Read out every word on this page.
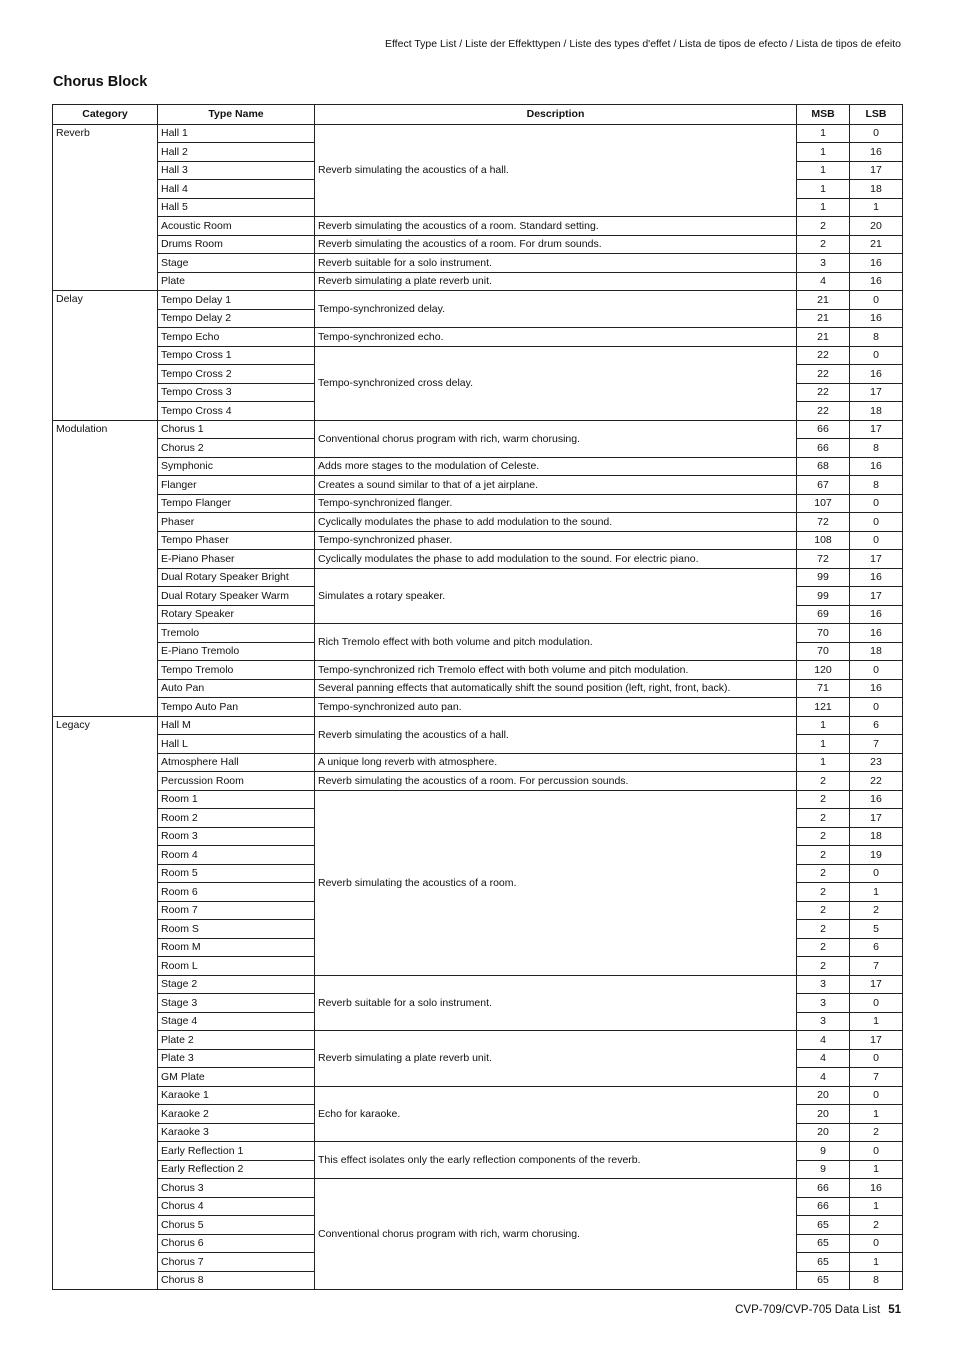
Effect Type List / Liste der Effekttypen / Liste des types d'effet / Lista de tipos de efecto / Lista de tipos de efeito
Chorus Block
Category	Type Name	Description	MSB	LSB
Reverb	Hall 1	Reverb simulating the acoustics of a hall.	1	0
	Hall 2		1	16
	Hall 3		1	17
	Hall 4		1	18
	Hall 5		1	1
	Acoustic Room	Reverb simulating the acoustics of a room. Standard setting.	2	20
	Drums Room	Reverb simulating the acoustics of a room. For drum sounds.	2	21
	Stage	Reverb suitable for a solo instrument.	3	16
	Plate	Reverb simulating a plate reverb unit.	4	16
Delay	Tempo Delay 1	Tempo-synchronized delay.	21	0
	Tempo Delay 2		21	16
	Tempo Echo	Tempo-synchronized echo.	21	8
	Tempo Cross 1	Tempo-synchronized cross delay.	22	0
	Tempo Cross 2		22	16
	Tempo Cross 3		22	17
	Tempo Cross 4		22	18
Modulation	Chorus 1	Conventional chorus program with rich, warm chorusing.	66	17
	Chorus 2		66	8
	Symphonic	Adds more stages to the modulation of Celeste.	68	16
	Flanger	Creates a sound similar to that of a jet airplane.	67	8
	Tempo Flanger	Tempo-synchronized flanger.	107	0
	Phaser	Cyclically modulates the phase to add modulation to the sound.	72	0
	Tempo Phaser	Tempo-synchronized phaser.	108	0
	E-Piano Phaser	Cyclically modulates the phase to add modulation to the sound. For electric piano.	72	17
	Dual Rotary Speaker Bright	Simulates a rotary speaker.	99	16
	Dual Rotary Speaker Warm		99	17
	Rotary Speaker		69	16
	Tremolo	Rich Tremolo effect with both volume and pitch modulation.	70	16
	E-Piano Tremolo		70	18
	Tempo Tremolo	Tempo-synchronized rich Tremolo effect with both volume and pitch modulation.	120	0
	Auto Pan	Several panning effects that automatically shift the sound position (left, right, front, back).	71	16
	Tempo Auto Pan	Tempo-synchronized auto pan.	121	0
Legacy	Hall M	Reverb simulating the acoustics of a hall.	1	6
	Hall L		1	7
	Atmosphere Hall	A unique long reverb with atmosphere.	1	23
	Percussion Room	Reverb simulating the acoustics of a room. For percussion sounds.	2	22
	Room 1	Reverb simulating the acoustics of a room.	2	16
	Room 2		2	17
	Room 3		2	18
	Room 4		2	19
	Room 5		2	0
	Room 6		2	1
	Room 7		2	2
	Room S		2	5
	Room M		2	6
	Room L		2	7
	Stage 2	Reverb suitable for a solo instrument.	3	17
	Stage 3		3	0
	Stage 4		3	1
	Plate 2	Reverb simulating a plate reverb unit.	4	17
	Plate 3		4	0
	GM Plate		4	7
	Karaoke 1	Echo for karaoke.	20	0
	Karaoke 2		20	1
	Karaoke 3		20	2
	Early Reflection 1	This effect isolates only the early reflection components of the reverb.	9	0
	Early Reflection 2		9	1
	Chorus 3	Conventional chorus program with rich, warm chorusing.	66	16
	Chorus 4		66	1
	Chorus 5		65	2
	Chorus 6		65	0
	Chorus 7		65	1
	Chorus 8		65	8
CVP-709/CVP-705 Data List 51
